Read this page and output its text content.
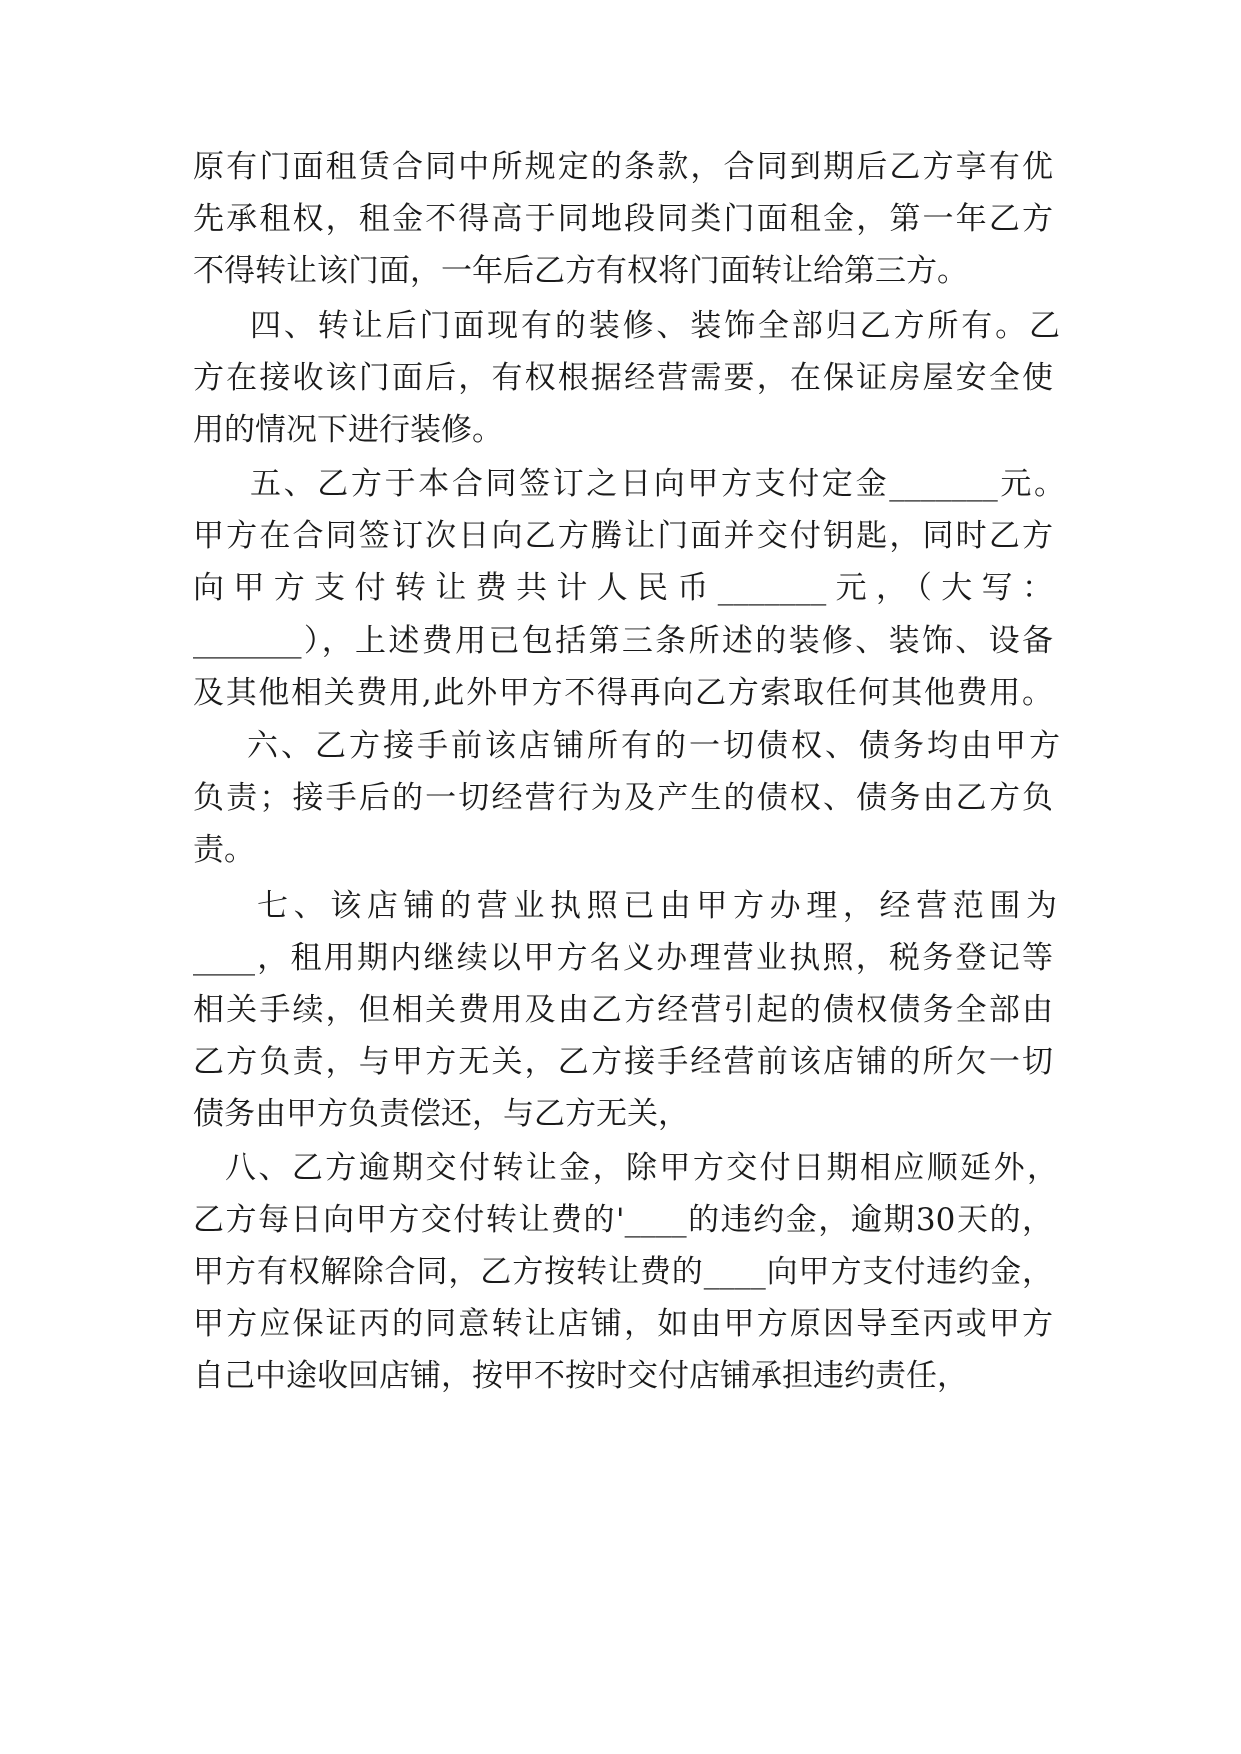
原有门面租赁合同中所规定的条款，合同到期后乙方享有优
先承租权，租金不得高于同地段同类门面租金，第一年乙方
不得转让该门面，一年后乙方有权将门面转让给第三方。
四、转让后门面现有的装修、装饰全部归乙方所有。乙
方在接收该门面后，有权根据经营需要，在保证房屋安全使
用的情况下进行装修。
五、乙方于本合同签订之日向甲方支付定金_______元。
甲方在合同签订次日向乙方腾让门面并交付钥匙，同时乙方
向甲方支付转让费共计人民币_______元，（大写：
_______），上述费用已包括第三条所述的装修、装饰、设备
及其他相关费用,此外甲方不得再向乙方索取任何其他费用。
六、乙方接手前该店铺所有的一切债权、债务均由甲方
负责；接手后的一切经营行为及产生的债权、债务由乙方负
责。
七、该店铺的营业执照已由甲方办理，经营范围为
____，租用期内继续以甲方名义办理营业执照，税务登记等
相关手续，但相关费用及由乙方经营引起的债权债务全部由
乙方负责，与甲方无关，乙方接手经营前该店铺的所欠一切
债务由甲方负责偿还，与乙方无关，
八、乙方逾期交付转让金，除甲方交付日期相应顺延外，
乙方每日向甲方交付转让费的'____的违约金，逾期30天的，
甲方有权解除合同，乙方按转让费的____向甲方支付违约金，
甲方应保证丙的同意转让店铺，如由甲方原因导至丙或甲方
自己中途收回店铺，按甲不按时交付店铺承担违约责任，
